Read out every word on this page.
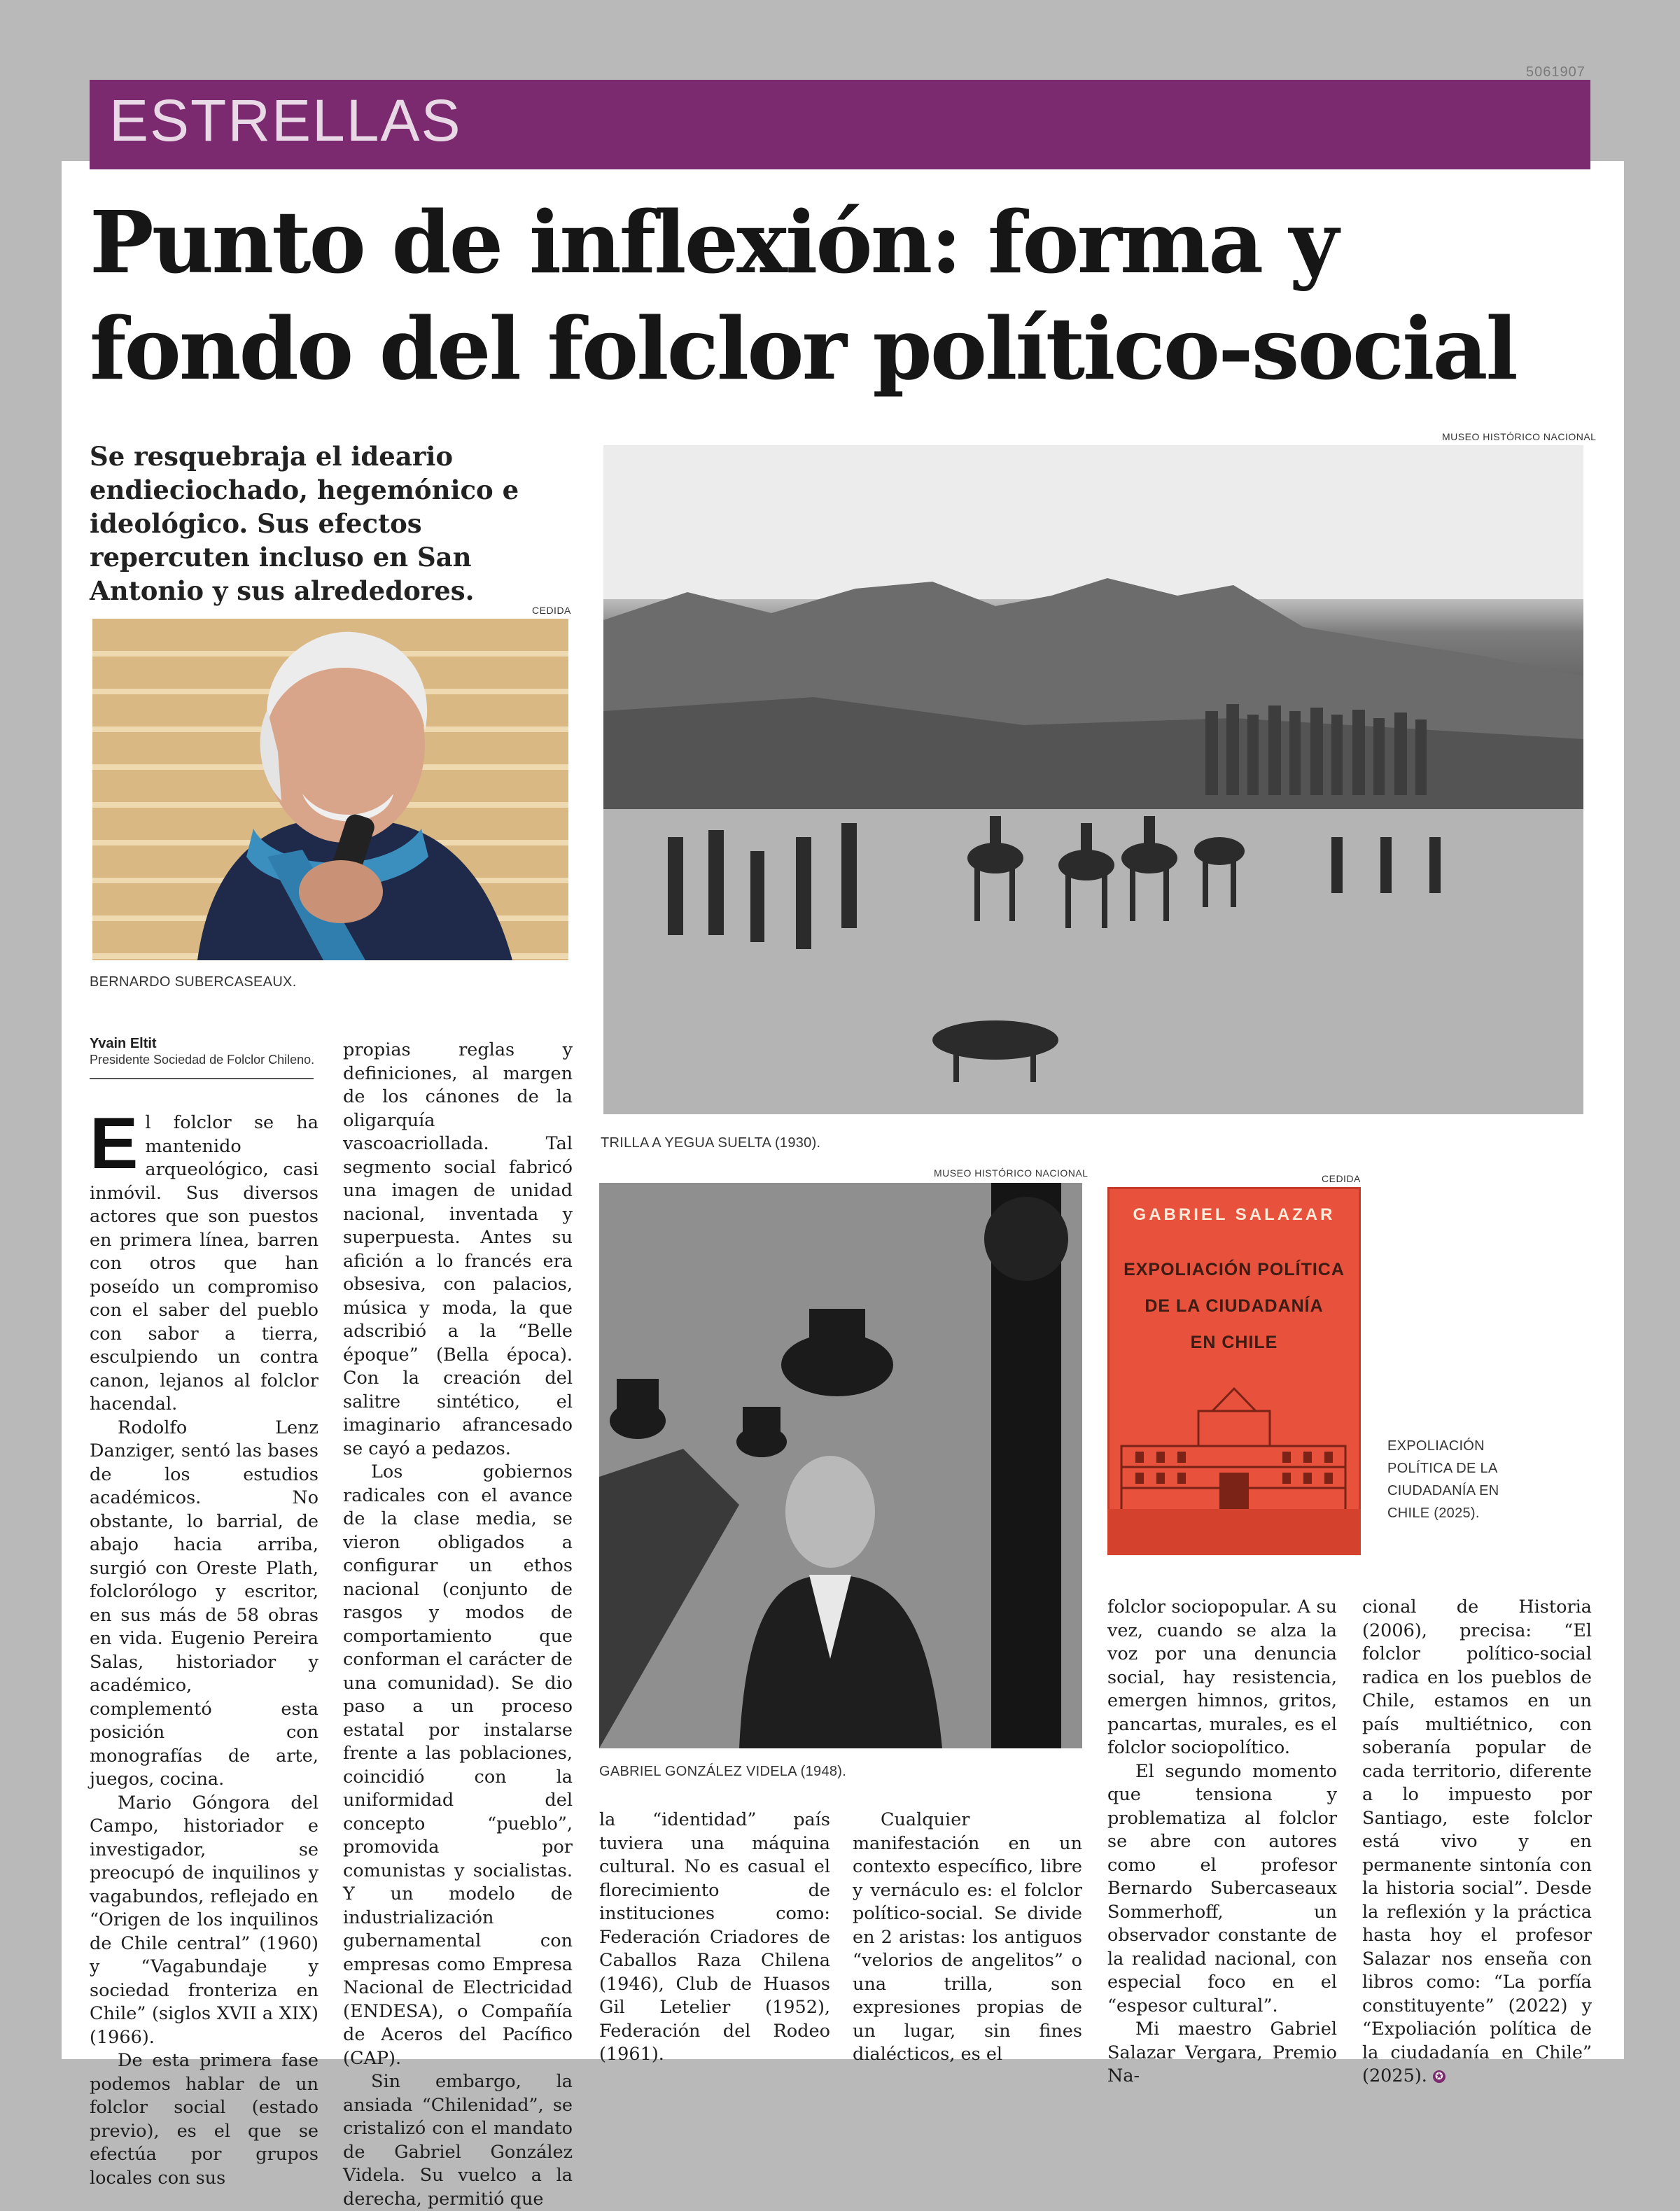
5061907
ESTRELLAS
Punto de inflexión: forma y
fondo del folclor político-social
Se resquebraja el ideario endieciochado, hegemónico e ideológico. Sus efectos repercuten incluso en San Antonio y sus alrededores.
CEDIDA
BERNARDO SUBERCASEAUX.
MUSEO HISTÓRICO NACIONAL
TRILLA A YEGUA SUELTA (1930).
MUSEO HISTÓRICO NACIONAL
GABRIEL GONZÁLEZ VIDELA (1948).
CEDIDA
GABRIEL SALAZAR
EXPOLIACIÓN POLÍTICA
DE LA CIUDADANÍA
EN CHILE
EXPOLIACIÓN POLÍTICA DE LA CIUDADANÍA EN CHILE (2025).
Yvain Eltit
Presidente Sociedad de Folclor Chileno.

El folclor se ha mantenido arqueológico, casi inmóvil. Sus diversos actores que son puestos en primera línea, barren con otros que han poseído un compromiso con el saber del pueblo con sabor a tierra, esculpiendo un contra canon, lejanos al folclor hacendal.

Rodolfo Lenz Danziger, sentó las bases de los estudios académicos. No obstante, lo barrial, de abajo hacia arriba, surgió con Oreste Plath, folclorólogo y escritor, en sus más de 58 obras en vida. Eugenio Pereira Salas, historiador y académico, complementó esta posición con monografías de arte, juegos, cocina.

Mario Góngora del Campo, historiador e investigador, se preocupó de inquilinos y vagabundos, reflejado en “Origen de los inquilinos de Chile central” (1960) y “Vagabundaje y sociedad fronteriza en Chile” (siglos XVII a XIX) (1966).

De esta primera fase podemos hablar de un folclor social (estado previo), es el que se efectúa por grupos locales con sus

propias reglas y definiciones, al margen de los cánones de la oligarquía vascoacriollada. Tal segmento social fabricó una imagen de unidad nacional, inventada y superpuesta. Antes su afición a lo francés era obsesiva, con palacios, música y moda, la que adscribió a la “Belle époque” (Bella época). Con la creación del salitre sintético, el imaginario afrancesado se cayó a pedazos.

Los gobiernos radicales con el avance de la clase media, se vieron obligados a configurar un ethos nacional (conjunto de rasgos y modos de comportamiento que conforman el carácter de una comunidad). Se dio paso a un proceso estatal por instalarse frente a las poblaciones, coincidió con la uniformidad del concepto “pueblo”, promovida por comunistas y socialistas. Y un modelo de industrialización gubernamental con empresas como Empresa Nacional de Electricidad (ENDESA), o Compañía de Aceros del Pacífico (CAP).

Sin embargo, la ansiada “Chilenidad”, se cristalizó con el mandato de Gabriel González Videla. Su vuelco a la derecha, permitió que

la “identidad” país tuviera una máquina cultural. No es casual el florecimiento de instituciones como: Federación Criadores de Caballos Raza Chilena (1946), Club de Huasos Gil Letelier (1952), Federación del Rodeo (1961).

Cualquier manifestación en un contexto específico, libre y vernáculo es: el folclor político-social. Se divide en 2 aristas: los antiguos “velorios de angelitos” o una trilla, son expresiones propias de un lugar, sin fines dialécticos, es el

folclor sociopopular. A su vez, cuando se alza la voz por una denuncia social, hay resistencia, emergen himnos, gritos, pancartas, murales, es el folclor sociopolítico.

El segundo momento que tensiona y problematiza al folclor se abre con autores como el profesor Bernardo Subercaseaux Sommerhoff, un observador constante de la realidad nacional, con especial foco en el “espesor cultural”.

Mi maestro Gabriel Salazar Vergara, Premio Na-

cional de Historia (2006), precisa: “El folclor político-social radica en los pueblos de Chile, estamos en un país multiétnico, con soberanía popular de cada territorio, diferente a lo impuesto por Santiago, este folclor está vivo y en permanente sintonía con la historia social”. Desde la reflexión y la práctica hasta hoy el profesor Salazar nos enseña con libros como: “La porfía constituyente” (2022) y “Expoliación política de la ciudadanía en Chile” (2025). ✪
